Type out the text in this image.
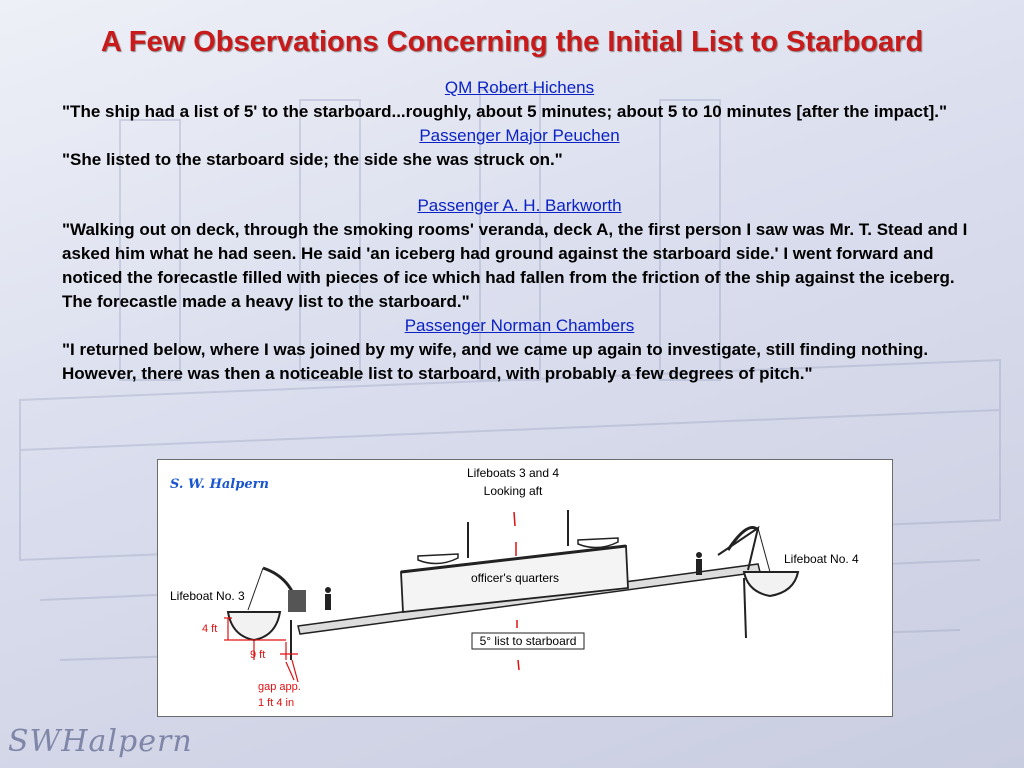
A Few Observations Concerning the Initial List to Starboard
QM Robert Hichens
"The ship had a list of 5' to the starboard...roughly, about 5 minutes; about 5 to 10 minutes [after the impact]."
Passenger Major Peuchen
"She listed to the starboard side; the side she was struck on."
Passenger A. H. Barkworth
"Walking out on deck, through the smoking rooms' veranda, deck A, the first person I saw was Mr. T. Stead and I asked him what he had seen. He said 'an iceberg had ground against the starboard side.' I went forward and noticed the forecastle filled with pieces of ice which had fallen from the friction of the ship against the iceberg. The forecastle made a heavy list to the starboard."
Passenger Norman Chambers
"I returned below, where I was joined by my wife, and we came up again to investigate, still finding nothing. However, there was then a noticeable list to starboard, with probably a few degrees of pitch."
S. W. Halpern
Lifeboats 3 and 4
Looking aft
officer's quarters
Lifeboat No. 3
Lifeboat No. 4
5° list to starboard
4 ft
9 ft
gap app.
1 ft 4 in
SWHalpern
